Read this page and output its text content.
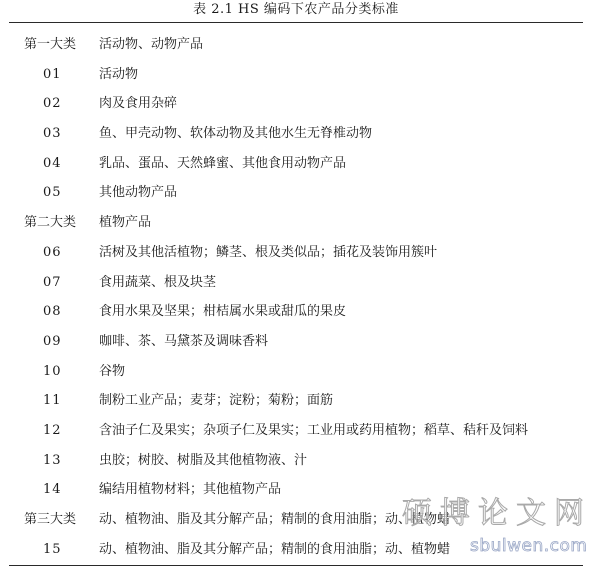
表 2.1 HS 编码下农产品分类标准
第一大类	活动物、动物产品
01	活动物
02	肉及食用杂碎
03	鱼、甲壳动物、软体动物及其他水生无脊椎动物
04	乳品、蛋品、天然蜂蜜、其他食用动物产品
05	其他动物产品
第二大类	植物产品
06	活树及其他活植物；鳞茎、根及类似品；插花及装饰用簇叶
07	食用蔬菜、根及块茎
08	食用水果及坚果；柑桔属水果或甜瓜的果皮
09	咖啡、茶、马黛茶及调味香料
10	谷物
11	制粉工业产品；麦芽；淀粉；菊粉；面筋
12	含油子仁及果实；杂项子仁及果实；工业用或药用植物；稻草、秸秆及饲料
13	虫胶；树胶、树脂及其他植物液、汁
14	编结用植物材料；其他植物产品
第三大类	动、植物油、脂及其分解产品；精制的食用油脂；动、植物蜡
15	动、植物油、脂及其分解产品；精制的食用油脂；动、植物蜡
硕博论文网
sbulwen.com
